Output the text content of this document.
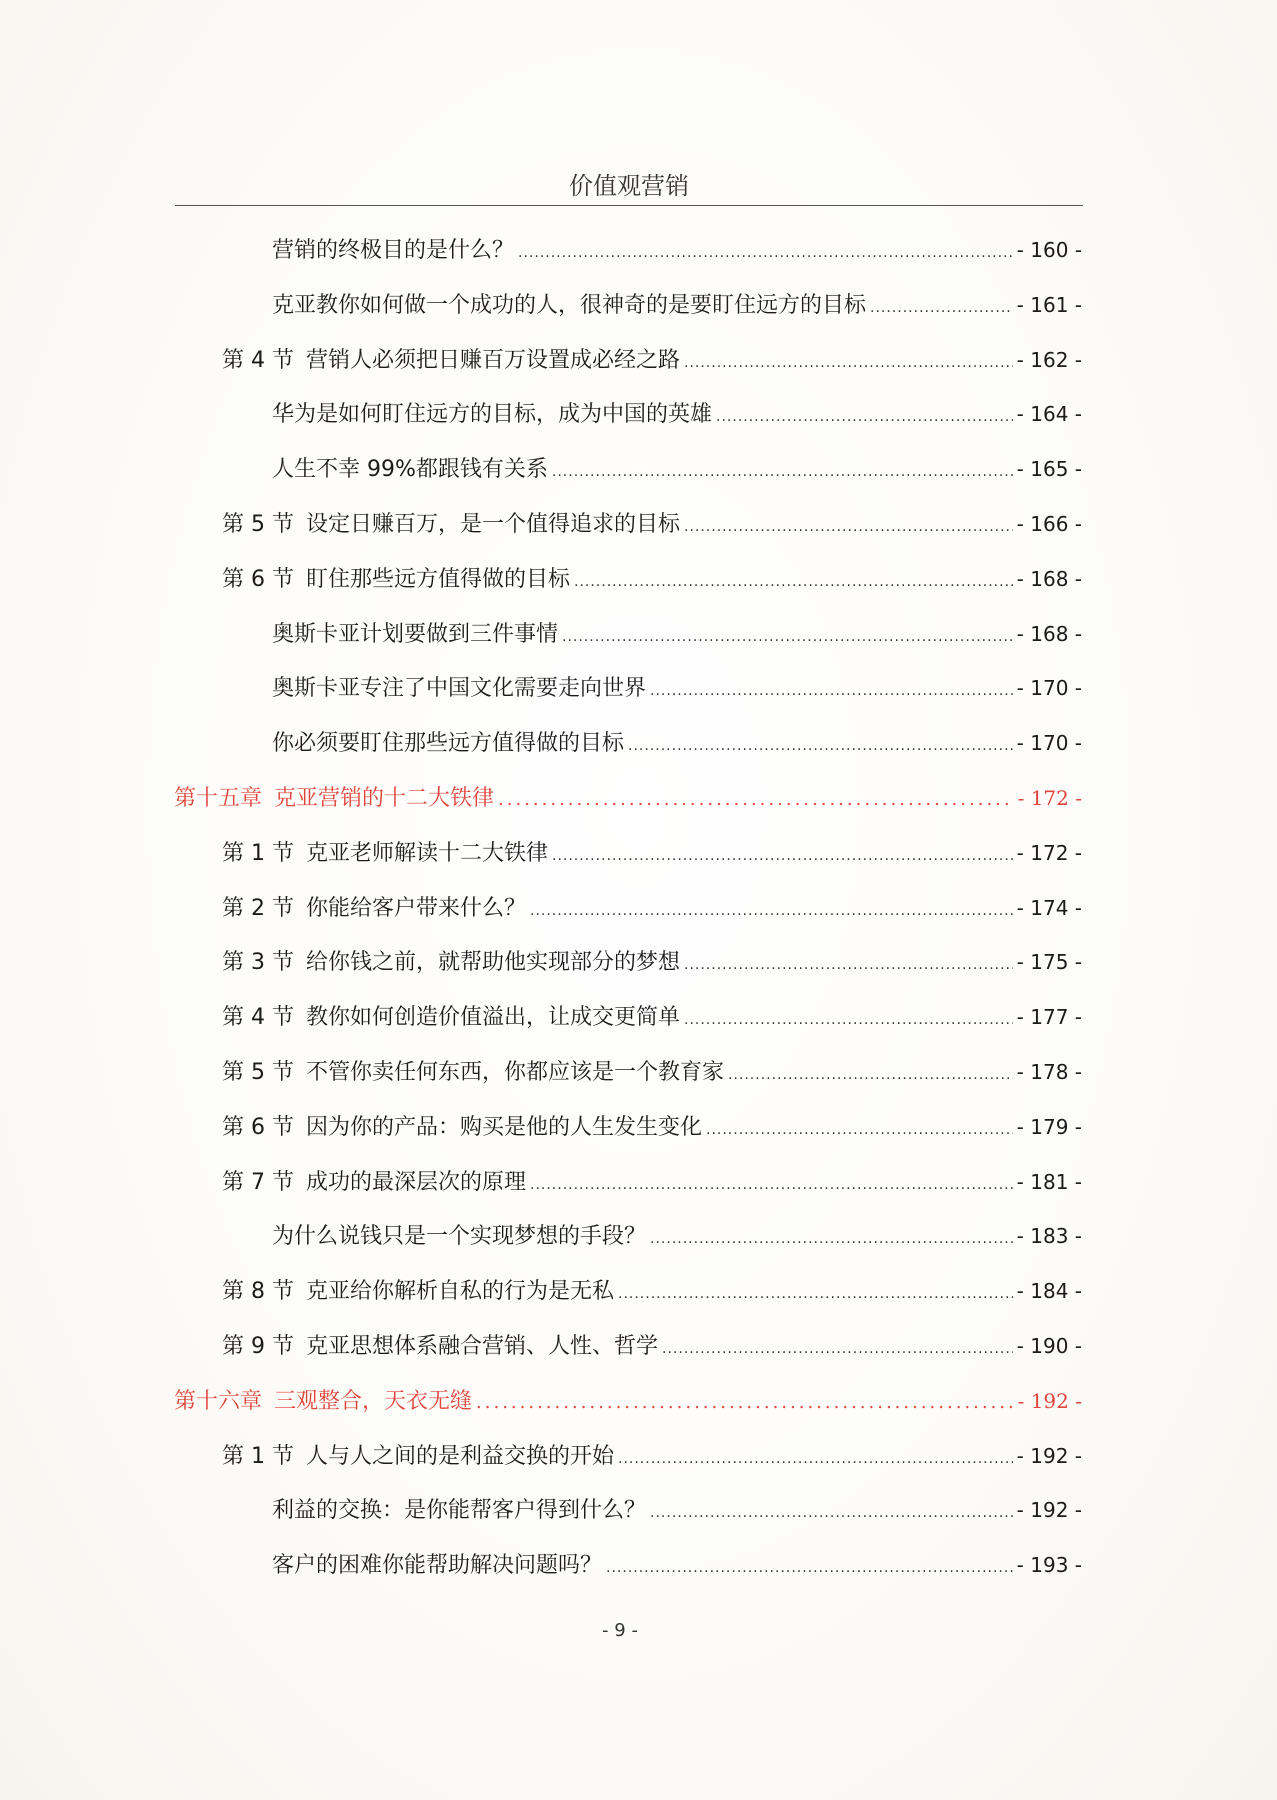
价值观营销
营销的终极目的是什么？ .....	- 160 -
克亚教你如何做一个成功的人，很神奇的是要盯住远方的目标 .....	- 161 -
第 4 节 营销人必须把日赚百万设置成必经之路 .....	- 162 -
华为是如何盯住远方的目标，成为中国的英雄 .....	- 164 -
人生不幸 99%都跟钱有关系 .....	- 165 -
第 5 节 设定日赚百万，是一个值得追求的目标 .....	- 166 -
第 6 节 盯住那些远方值得做的目标 .....	- 168 -
奥斯卡亚计划要做到三件事情 .....	- 168 -
奥斯卡亚专注了中国文化需要走向世界 .....	- 170 -
你必须要盯住那些远方值得做的目标 .....	- 170 -
第十五章 克亚营销的十二大铁律 .....	- 172 -
第 1 节 克亚老师解读十二大铁律 .....	- 172 -
第 2 节 你能给客户带来什么？ .....	- 174 -
第 3 节 给你钱之前，就帮助他实现部分的梦想 .....	- 175 -
第 4 节 教你如何创造价值溢出，让成交更简单 .....	- 177 -
第 5 节 不管你卖任何东西，你都应该是一个教育家 .....	- 178 -
第 6 节 因为你的产品：购买是他的人生发生变化 .....	- 179 -
第 7 节 成功的最深层次的原理 .....	- 181 -
为什么说钱只是一个实现梦想的手段？ .....	- 183 -
第 8 节 克亚给你解析自私的行为是无私 .....	- 184 -
第 9 节 克亚思想体系融合营销、人性、哲学 .....	- 190 -
第十六章 三观整合，天衣无缝 .....	- 192 -
第 1 节 人与人之间的是利益交换的开始 .....	- 192 -
利益的交换：是你能帮客户得到什么？ .....	- 192 -
客户的困难你能帮助解决问题吗？ .....	- 193 -
- 9 -
